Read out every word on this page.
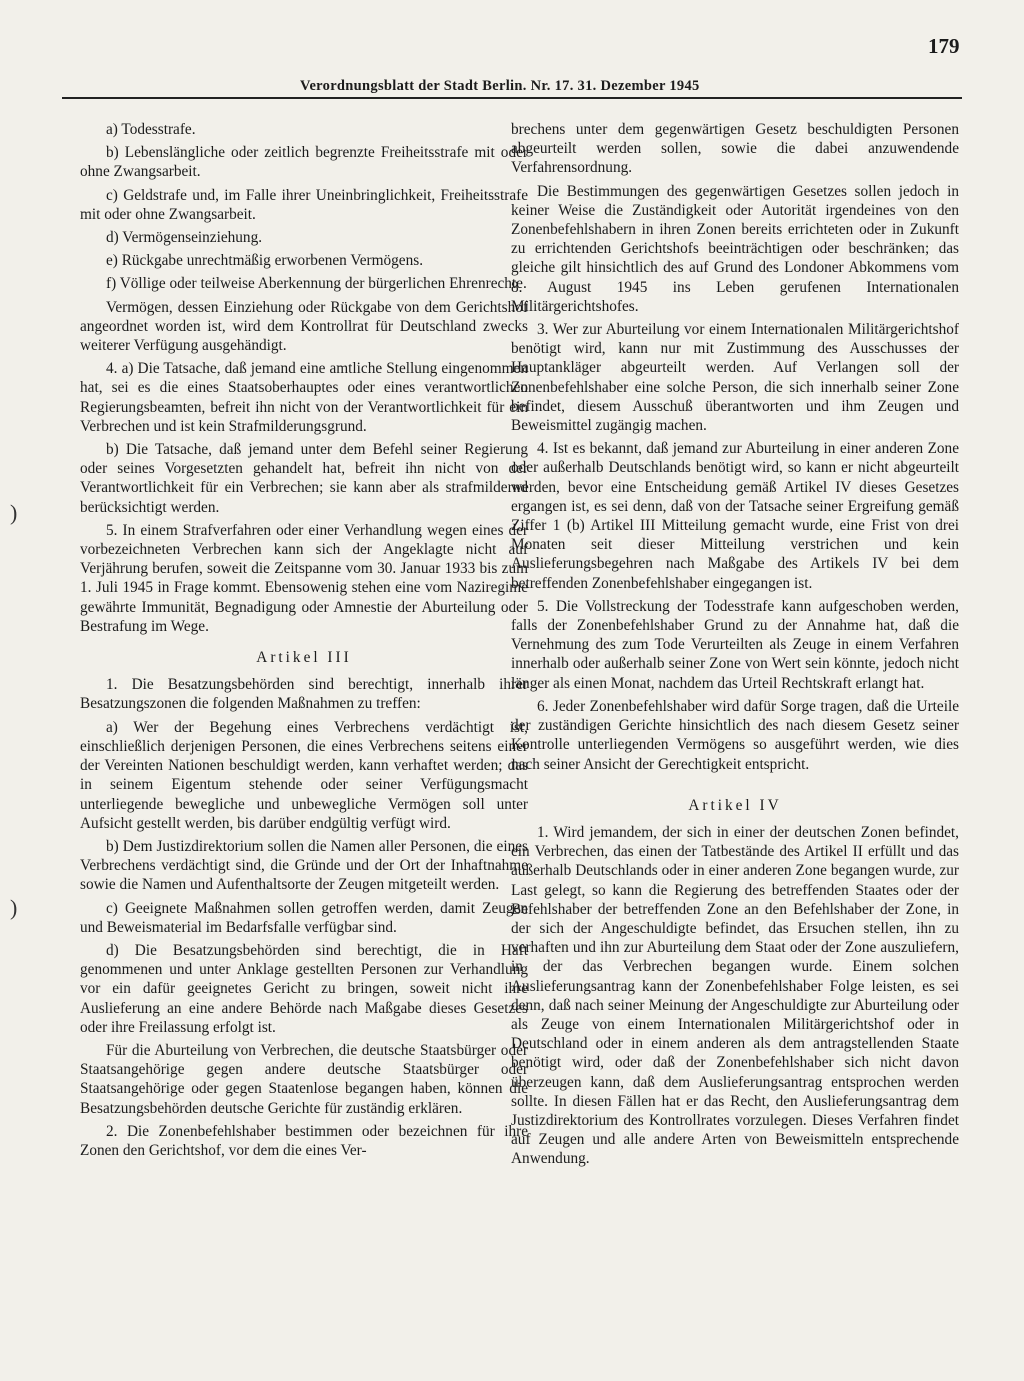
Verordnungsblatt der Stadt Berlin. Nr. 17. 31. Dezember 1945
179
)
)

a) Todesstrafe.

b) Lebenslängliche oder zeitlich begrenzte Freiheitsstrafe mit oder ohne Zwangsarbeit.

c) Geldstrafe und, im Falle ihrer Uneinbringlichkeit, Freiheitsstrafe mit oder ohne Zwangsarbeit.

d) Vermögenseinziehung.

e) Rückgabe unrechtmäßig erworbenen Vermögens.

f) Völlige oder teilweise Aberkennung der bürgerlichen Ehrenrechte.

Vermögen, dessen Einziehung oder Rückgabe von dem Gerichtshof angeordnet worden ist, wird dem Kontrollrat für Deutschland zwecks weiterer Verfügung ausgehändigt.

4. a) Die Tatsache, daß jemand eine amtliche Stellung eingenommen hat, sei es die eines Staatsoberhauptes oder eines verantwortlichen Regierungsbeamten, befreit ihn nicht von der Verantwortlichkeit für ein Verbrechen und ist kein Strafmilderungsgrund.

b) Die Tatsache, daß jemand unter dem Befehl seiner Regierung oder seines Vorgesetzten gehandelt hat, befreit ihn nicht von der Verantwortlichkeit für ein Verbrechen; sie kann aber als strafmildernd berücksichtigt werden.

5. In einem Strafverfahren oder einer Verhandlung wegen eines der vorbezeichneten Verbrechen kann sich der Angeklagte nicht auf Verjährung berufen, soweit die Zeitspanne vom 30. Januar 1933 bis zum 1. Juli 1945 in Frage kommt. Ebensowenig stehen eine vom Naziregime gewährte Immunität, Begnadigung oder Amnestie der Aburteilung oder Bestrafung im Wege.

Artikel III

1. Die Besatzungsbehörden sind berechtigt, innerhalb ihrer Besatzungszonen die folgenden Maßnahmen zu treffen:

a) Wer der Begehung eines Verbrechens verdächtigt ist, einschließlich derjenigen Personen, die eines Verbrechens seitens einer der Vereinten Nationen beschuldigt werden, kann verhaftet werden; das in seinem Eigentum stehende oder seiner Verfügungsmacht unterliegende bewegliche und unbewegliche Vermögen soll unter Aufsicht gestellt werden, bis darüber endgültig verfügt wird.

b) Dem Justizdirektorium sollen die Namen aller Personen, die eines Verbrechens verdächtigt sind, die Gründe und der Ort der Inhaftnahme sowie die Namen und Aufenthaltsorte der Zeugen mitgeteilt werden.

c) Geeignete Maßnahmen sollen getroffen werden, damit Zeugen und Beweismaterial im Bedarfsfalle verfügbar sind.

d) Die Besatzungsbehörden sind berechtigt, die in Haft genommenen und unter Anklage gestellten Personen zur Verhandlung vor ein dafür geeignetes Gericht zu bringen, soweit nicht ihre Auslieferung an eine andere Behörde nach Maßgabe dieses Gesetzes oder ihre Freilassung erfolgt ist.

Für die Aburteilung von Verbrechen, die deutsche Staatsbürger oder Staatsangehörige gegen andere deutsche Staatsbürger oder Staatsangehörige oder gegen Staatenlose begangen haben, können die Besatzungsbehörden deutsche Gerichte für zuständig erklären.

2. Die Zonenbefehlshaber bestimmen oder bezeichnen für ihre Zonen den Gerichtshof, vor dem die eines Ver-

brechens unter dem gegenwärtigen Gesetz beschuldigten Personen abgeurteilt werden sollen, sowie die dabei anzuwendende Verfahrensordnung.

Die Bestimmungen des gegenwärtigen Gesetzes sollen jedoch in keiner Weise die Zuständigkeit oder Autorität irgendeines von den Zonenbefehlshabern in ihren Zonen bereits errichteten oder in Zukunft zu errichtenden Gerichtshofs beeinträchtigen oder beschränken; das gleiche gilt hinsichtlich des auf Grund des Londoner Abkommens vom 8. August 1945 ins Leben gerufenen Internationalen Militärgerichtshofes.

3. Wer zur Aburteilung vor einem Internationalen Militärgerichtshof benötigt wird, kann nur mit Zustimmung des Ausschusses der Hauptankläger abgeurteilt werden. Auf Verlangen soll der Zonenbefehlshaber eine solche Person, die sich innerhalb seiner Zone befindet, diesem Ausschuß überantworten und ihm Zeugen und Beweismittel zugängig machen.

4. Ist es bekannt, daß jemand zur Aburteilung in einer anderen Zone oder außerhalb Deutschlands benötigt wird, so kann er nicht abgeurteilt werden, bevor eine Entscheidung gemäß Artikel IV dieses Gesetzes ergangen ist, es sei denn, daß von der Tatsache seiner Ergreifung gemäß Ziffer 1 (b) Artikel III Mitteilung gemacht wurde, eine Frist von drei Monaten seit dieser Mitteilung verstrichen und kein Auslieferungsbegehren nach Maßgabe des Artikels IV bei dem betreffenden Zonenbefehlshaber eingegangen ist.

5. Die Vollstreckung der Todesstrafe kann aufgeschoben werden, falls der Zonenbefehlshaber Grund zu der Annahme hat, daß die Vernehmung des zum Tode Verurteilten als Zeuge in einem Verfahren innerhalb oder außerhalb seiner Zone von Wert sein könnte, jedoch nicht länger als einen Monat, nachdem das Urteil Rechtskraft erlangt hat.

6. Jeder Zonenbefehlshaber wird dafür Sorge tragen, daß die Urteile der zuständigen Gerichte hinsichtlich des nach diesem Gesetz seiner Kontrolle unterliegenden Vermögens so ausgeführt werden, wie dies nach seiner Ansicht der Gerechtigkeit entspricht.

Artikel IV

1. Wird jemandem, der sich in einer der deutschen Zonen befindet, ein Verbrechen, das einen der Tatbestände des Artikel II erfüllt und das außerhalb Deutschlands oder in einer anderen Zone begangen wurde, zur Last gelegt, so kann die Regierung des betreffenden Staates oder der Befehlshaber der betreffenden Zone an den Befehlshaber der Zone, in der sich der Angeschuldigte befindet, das Ersuchen stellen, ihn zu verhaften und ihn zur Aburteilung dem Staat oder der Zone auszuliefern, in der das Verbrechen begangen wurde. Einem solchen Auslieferungsantrag kann der Zonenbefehlshaber Folge leisten, es sei denn, daß nach seiner Meinung der Angeschuldigte zur Aburteilung oder als Zeuge von einem Internationalen Militärgerichtshof oder in Deutschland oder in einem anderen als dem antragstellenden Staate benötigt wird, oder daß der Zonenbefehlshaber sich nicht davon überzeugen kann, daß dem Auslieferungsantrag entsprochen werden sollte. In diesen Fällen hat er das Recht, den Auslieferungsantrag dem Justizdirektorium des Kontrollrates vorzulegen. Dieses Verfahren findet auf Zeugen und alle andere Arten von Beweismitteln entsprechende Anwendung.
